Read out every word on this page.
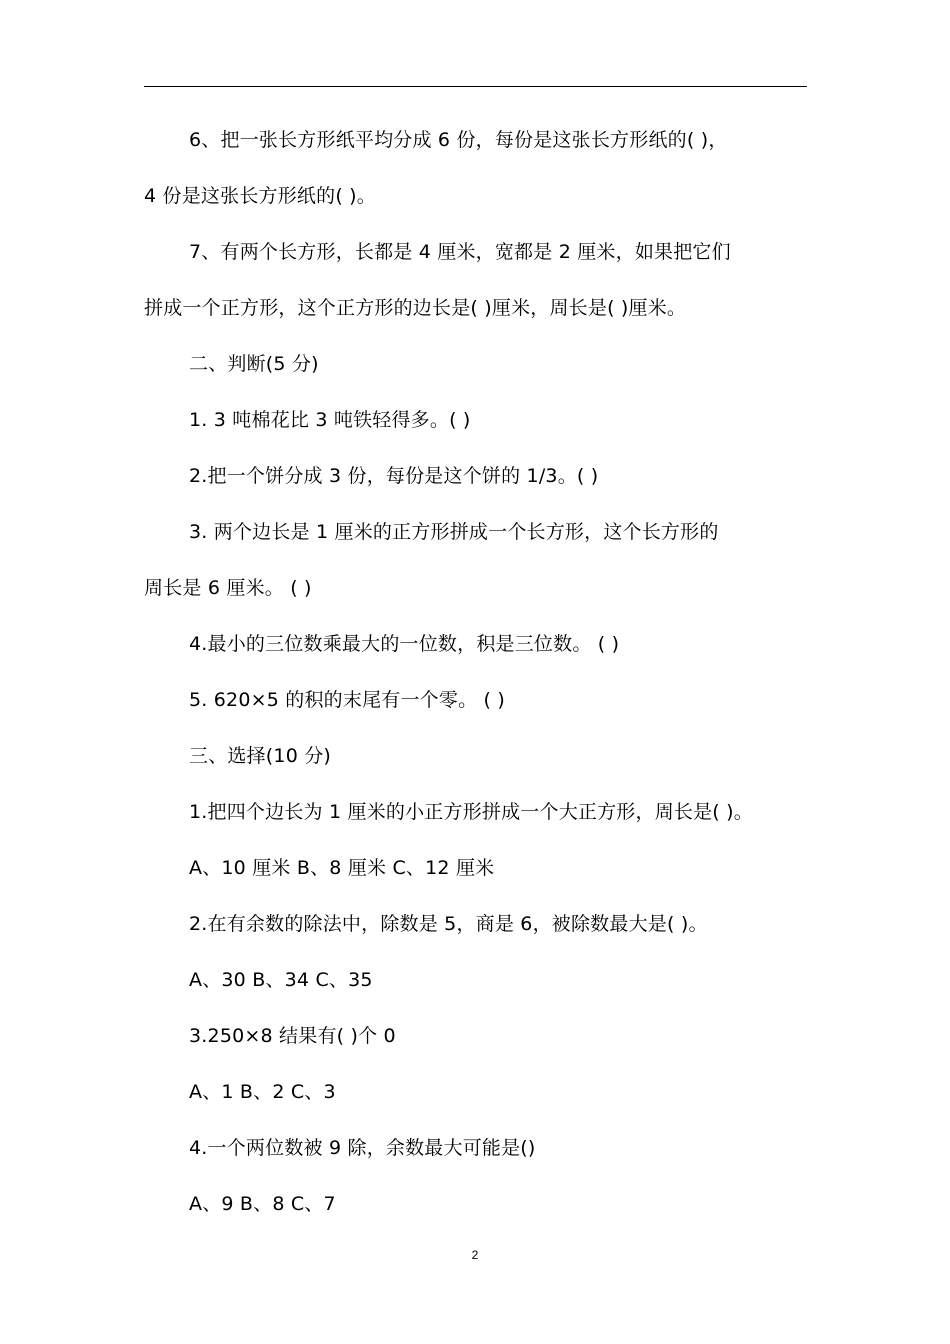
6、把一张长方形纸平均分成 6 份，每份是这张长方形纸的( )，
4 份是这张长方形纸的( )。
7、有两个长方形，长都是 4 厘米，宽都是 2 厘米，如果把它们
拼成一个正方形，这个正方形的边长是( )厘米，周长是( )厘米。
二、判断(5 分)
1. 3 吨棉花比 3 吨铁轻得多。( )
2.把一个饼分成 3 份，每份是这个饼的 1/3。( )
3. 两个边长是 1 厘米的正方形拼成一个长方形，这个长方形的
周长是 6 厘米。 ( )
4.最小的三位数乘最大的一位数，积是三位数。 ( )
5. 620×5 的积的末尾有一个零。 ( )
三、选择(10 分)
1.把四个边长为 1 厘米的小正方形拼成一个大正方形，周长是( )。
A、10 厘米 B、8 厘米 C、12 厘米
2.在有余数的除法中，除数是 5，商是 6，被除数最大是( )。
A、30 B、34 C、35
3.250×8 结果有( )个 0
A、1 B、2 C、3
4.一个两位数被 9 除，余数最大可能是()
A、9 B、8 C、7
2
